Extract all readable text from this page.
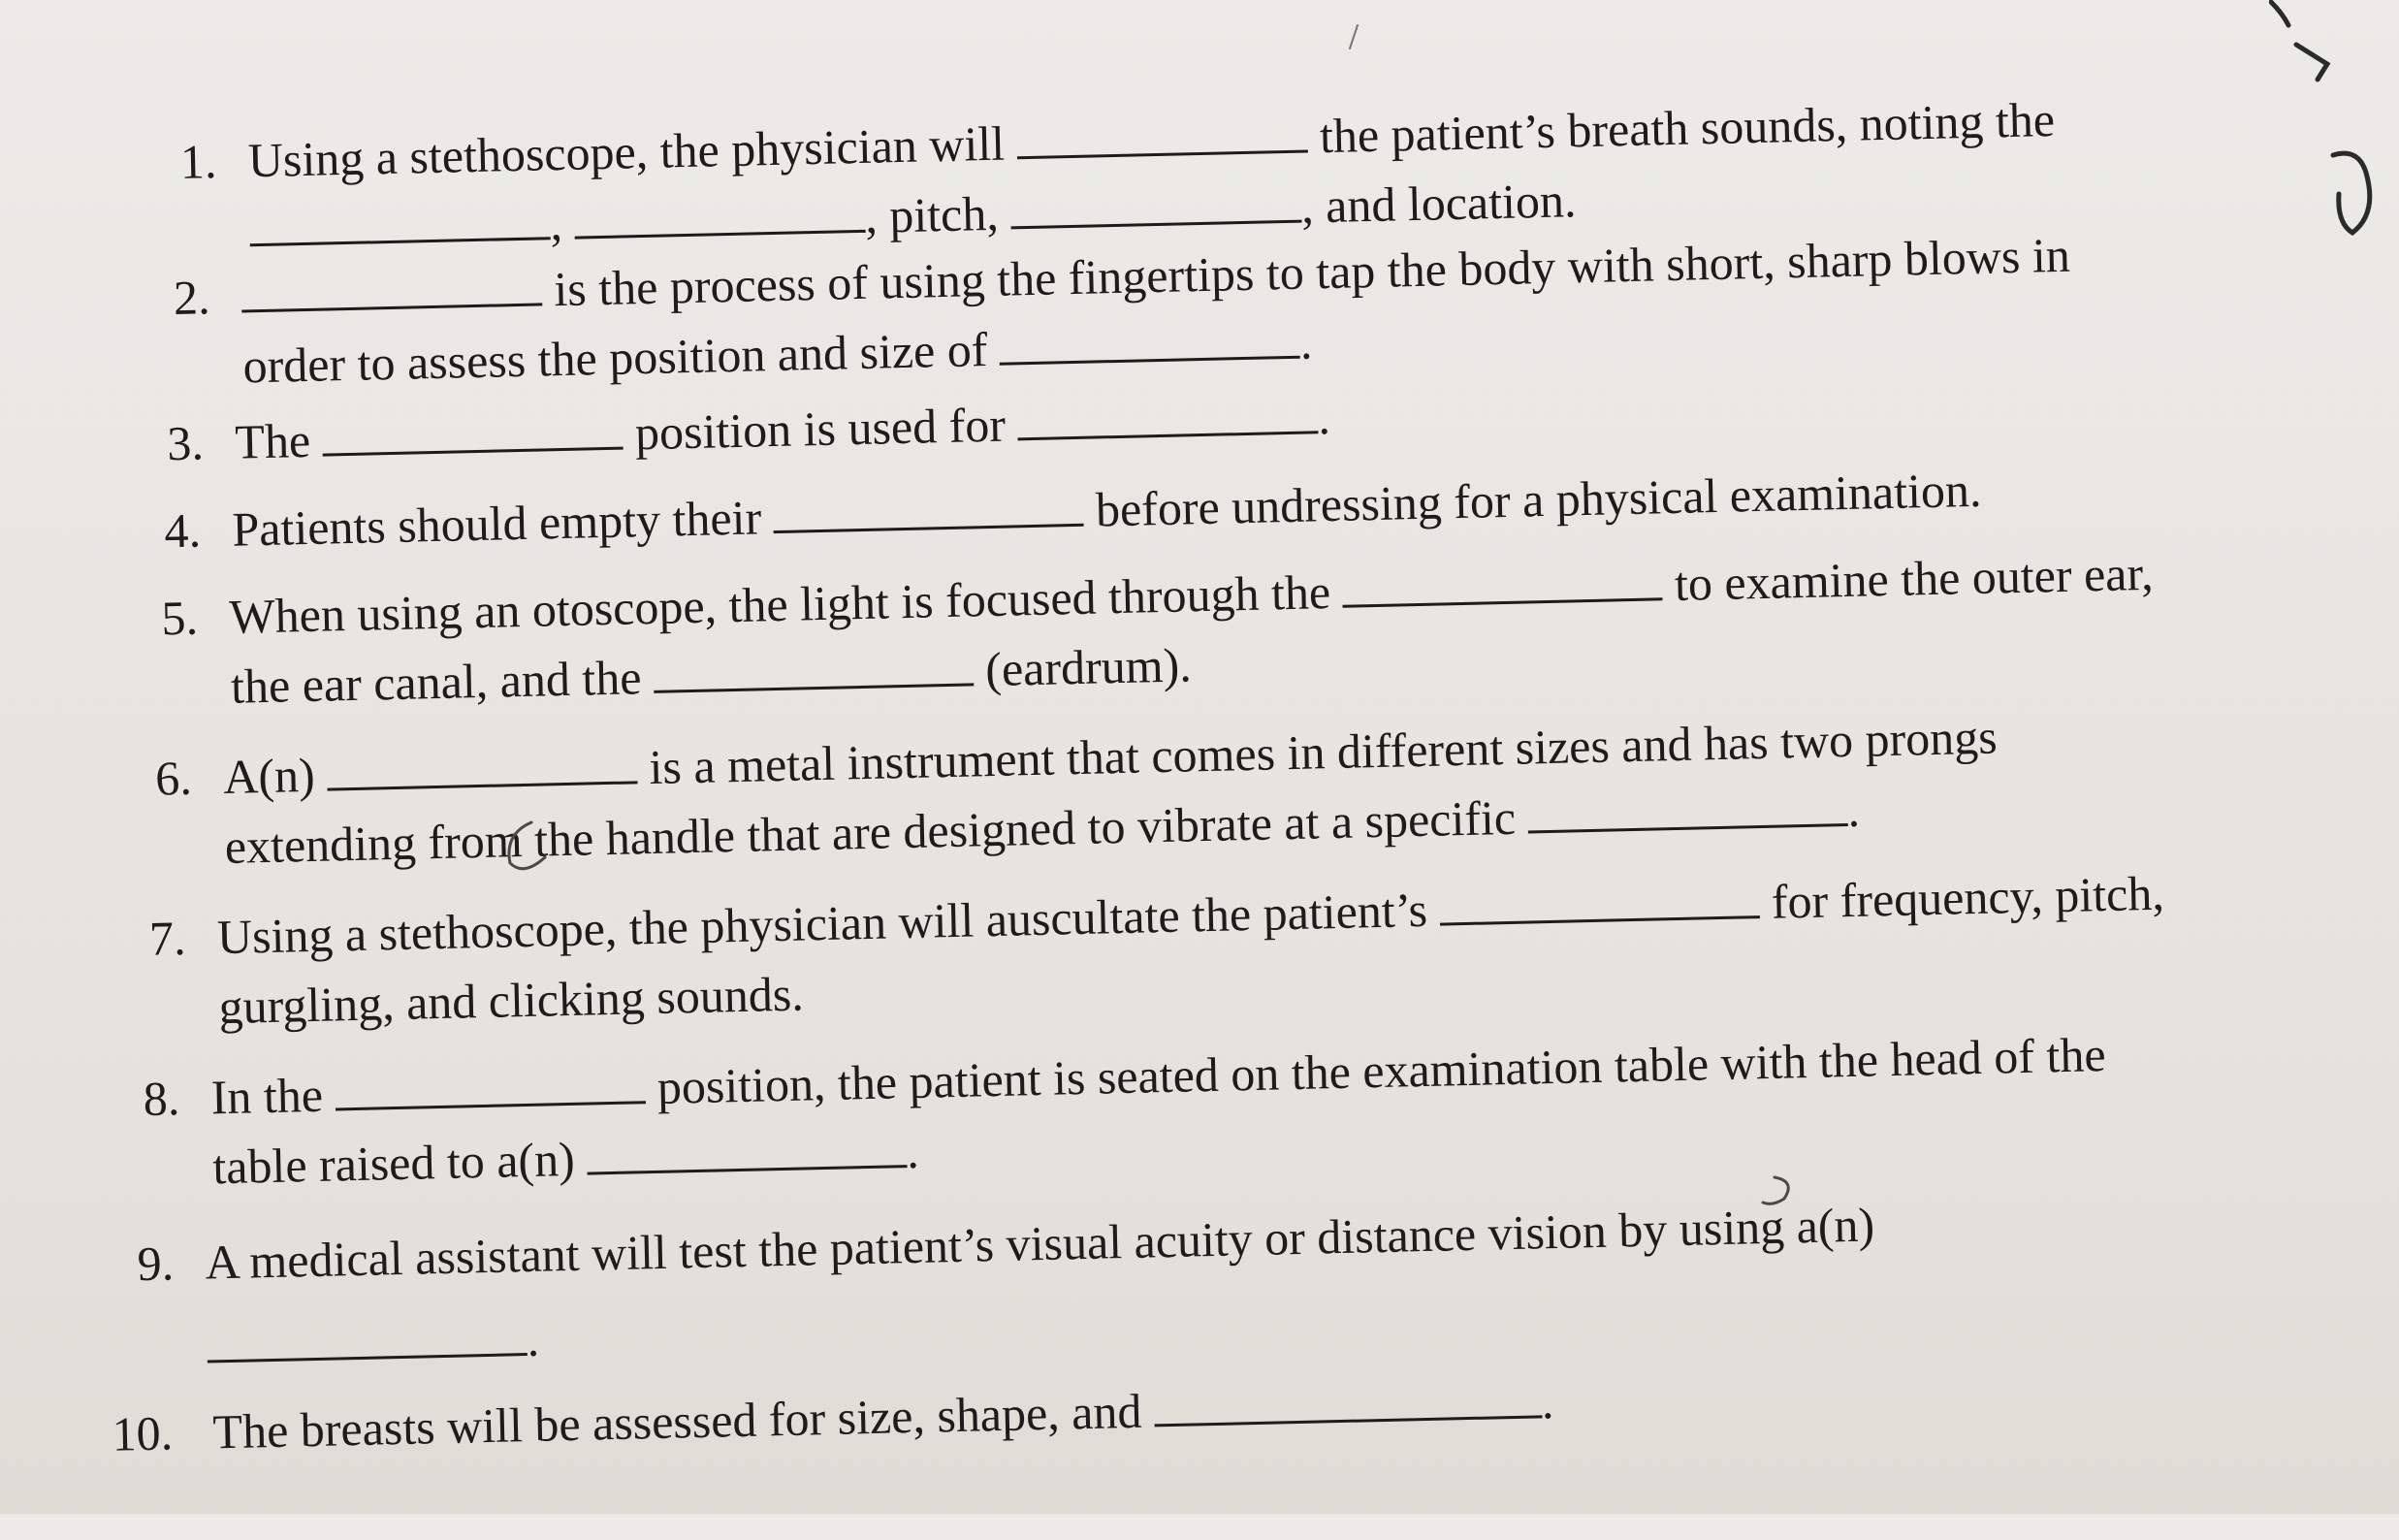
1. Using a stethoscope, the physician will	the patient’s breath sounds, noting the
,	, pitch,	, and location.
2.	is the process of using the fingertips to tap the body with short, sharp blows in
order to assess the position and size of	.
3. The	position is used for	.
4. Patients should empty their	before undressing for a physical examination.
5. When using an otoscope, the light is focused through the	to examine the outer ear,
the ear canal, and the	(eardrum).
6. A(n)	is a metal instrument that comes in different sizes and has two prongs
extending from the handle that are designed to vibrate at a specific	.
7. Using a stethoscope, the physician will auscultate the patient’s	for frequency, pitch,
gurgling, and clicking sounds.
8. In the	position, the patient is seated on the examination table with the head of the
table raised to a(n)	.
9. A medical assistant will test the patient’s visual acuity or distance vision by using a(n)
.
10. The breasts will be assessed for size, shape, and	.
